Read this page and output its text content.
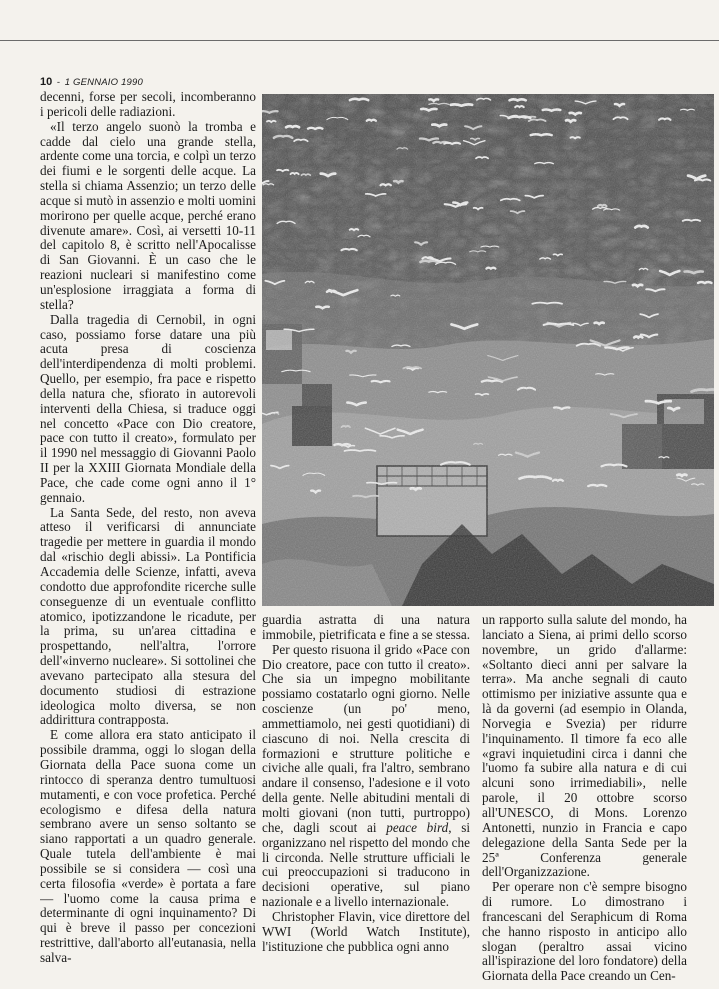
10 - 1 GENNAIO 1990

decenni, forse per secoli, incomberanno i pericoli delle radiazioni.

«Il terzo angelo suonò la tromba e cadde dal cielo una grande stella, ardente come una torcia, e colpì un terzo dei fiumi e le sorgenti delle acque. La stella si chiama Assenzio; un terzo delle acque si mutò in assenzio e molti uomini morirono per quelle acque, perché erano divenute amare». Così, ai versetti 10-11 del capitolo 8, è scritto nell'Apocalisse di San Giovanni. È un caso che le reazioni nucleari si manifestino come un'esplosione irraggiata a forma di stella?

Dalla tragedia di Cernobil, in ogni caso, possiamo forse datare una più acuta presa di coscienza dell'interdipendenza di molti problemi. Quello, per esempio, fra pace e rispetto della natura che, sfiorato in autorevoli interventi della Chiesa, si traduce oggi nel concetto «Pace con Dio creatore, pace con tutto il creato», formulato per il 1990 nel messaggio di Giovanni Paolo II per la XXIII Giornata Mondiale della Pace, che cade come ogni anno il 1° gennaio.

La Santa Sede, del resto, non aveva atteso il verificarsi di annunciate tragedie per mettere in guardia il mondo dal «rischio degli abissi». La Pontificia Accademia delle Scienze, infatti, aveva condotto due approfondite ricerche sulle conseguenze di un eventuale conflitto atomico, ipotizzandone le ricadute, per la prima, su un'area cittadina e prospettando, nell'altra, l'orrore dell'«inverno nucleare». Si sottolinei che avevano partecipato alla stesura del documento studiosi di estrazione ideologica molto diversa, se non addirittura contrapposta.

E come allora era stato anticipato il possibile dramma, oggi lo slogan della Giornata della Pace suona come un rintocco di speranza dentro tumultuosi mutamenti, e con voce profetica. Perché ecologismo e difesa della natura sembrano avere un senso soltanto se siano rapportati a un quadro generale. Quale tutela dell'ambiente è mai possibile se si considera — così una certa filosofia «verde» è portata a fare — l'uomo come la causa prima e determinante di ogni inquinamento? Di qui è breve il passo per concezioni restrittive, dall'aborto all'eutanasia, nella salva-

guardia astratta di una natura immobile, pietrificata e fine a se stessa.

Per questo risuona il grido «Pace con Dio creatore, pace con tutto il creato». Che sia un impegno mobilitante possiamo costatarlo ogni giorno. Nelle coscienze (un po' meno, ammettiamolo, nei gesti quotidiani) di ciascuno di noi. Nella crescita di formazioni e strutture politiche e civiche alle quali, fra l'altro, sembrano andare il consenso, l'adesione e il voto della gente. Nelle abitudini mentali di molti giovani (non tutti, purtroppo) che, dagli scout ai peace bird, si organizzano nel rispetto del mondo che li circonda. Nelle strutture ufficiali le cui preoccupazioni si traducono in decisioni operative, sul piano nazionale e a livello internazionale.

Christopher Flavin, vice direttore del WWI (World Watch Institute), l'istituzione che pubblica ogni anno

un rapporto sulla salute del mondo, ha lanciato a Siena, ai primi dello scorso novembre, un grido d'allarme: «Soltanto dieci anni per salvare la terra». Ma anche segnali di cauto ottimismo per iniziative assunte qua e là da governi (ad esempio in Olanda, Norvegia e Svezia) per ridurre l'inquinamento. Il timore fa eco alle «gravi inquietudini circa i danni che l'uomo fa subire alla natura e di cui alcuni sono irrimediabili», nelle parole, il 20 ottobre scorso all'UNESCO, di Mons. Lorenzo Antonetti, nunzio in Francia e capo delegazione della Santa Sede per la 25ª Conferenza generale dell'Organizzazione.

Per operare non c'è sempre bisogno di rumore. Lo dimostrano i francescani del Seraphicum di Roma che hanno risposto in anticipo allo slogan (peraltro assai vicino all'ispirazione del loro fondatore) della Giornata della Pace creando un Cen-
